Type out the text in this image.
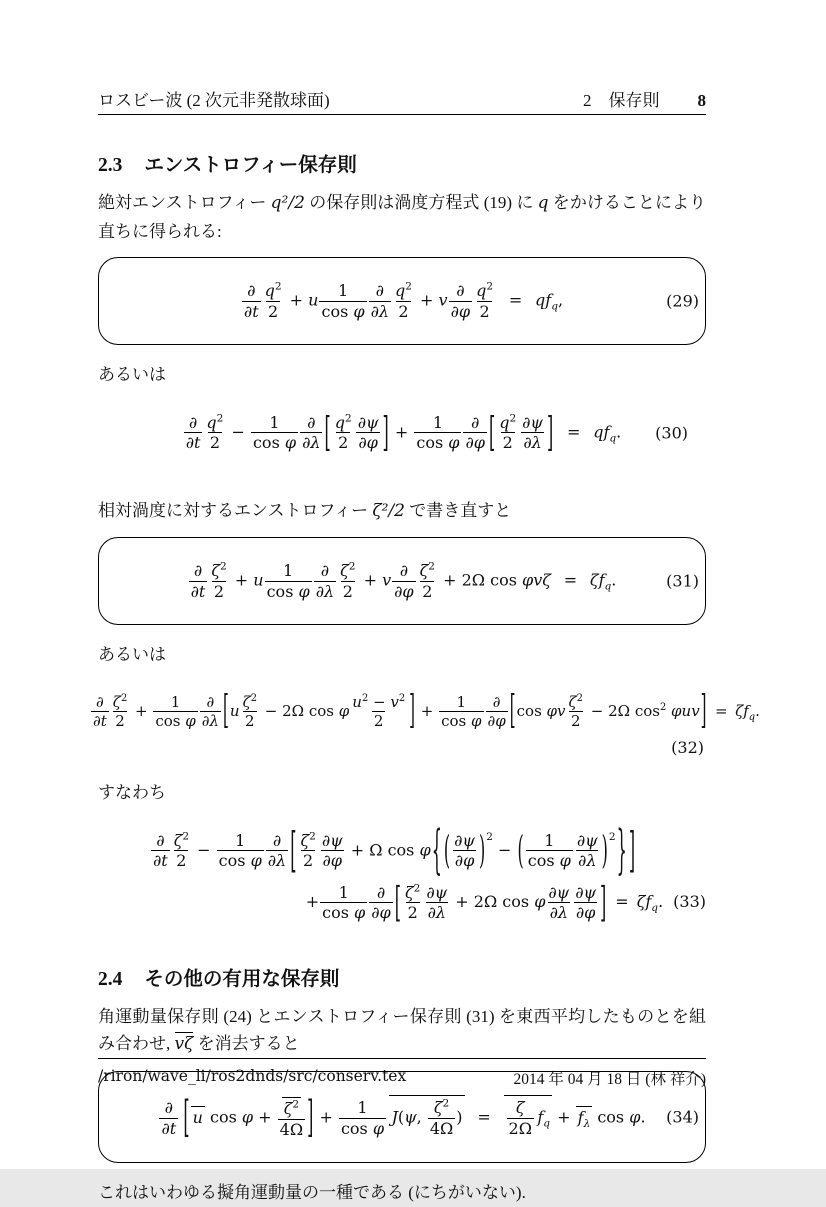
ロスビー波 (2 次元非発散球面)	2　保存則 8
2.3 エンストロフィー保存則

絶対エンストロフィー q²/2 の保存則は渦度方程式 (19) に q をかけることにより直ちに得られる:

$\frac{\partial}{\partial t} \frac{q^2}{2} + u \frac{1}{\text{cos φ}} \frac{\partial}{\partial\lambda} \frac{q^2}{2} + v \frac{\partial}{\partial\varphi} \frac{q^2}{2} = qf_q$,	(29)

あるいは

$\frac{\partial}{\partial t} \frac{q^2}{2} - \frac{1}{\text{cos φ}} \frac{\partial}{\partial\lambda}$ [ $\frac{q^2}{2} \frac{\partial\psi}{\partial\varphi}$ ] + $\frac{1}{\text{cos φ}} \frac{\partial}{\partial\varphi}$ [ $\frac{q^2}{2} \frac{\partial\psi}{\partial\lambda}$ ] = $qf_q$.	(30)

相対渦度に対するエンストロフィー ζ²/2 で書き直すと

$\frac{\partial}{\partial t} \frac{\zeta^2}{2} + u \frac{1}{\text{cos φ}} \frac{\partial}{\partial\lambda} \frac{\zeta^2}{2} + v \frac{\partial}{\partial\varphi} \frac{\zeta^2}{2} + 2\Omega$ $\cos \varphi v\zeta = \zeta f_q$.	(31)

あるいは

$\frac{\partial}{\partial t} \frac{\zeta^2}{2} + \frac{1}{\text{cos φ}} \frac{\partial}{\partial\lambda} [u \frac{\zeta^2}{2} - 2\Omega$ cos φ $\frac{u^2 - v^2}{2}$ ] + $\frac{1}{\text{cos φ}} \frac{\partial}{\partial\varphi} [\cos$ φv $\frac{\zeta^2}{2} - 2\Omega$ $\cos^2 \varphi uv] = \zeta f_q$.
(32)

すなわち

$\frac{\partial}{\partial t} \frac{\zeta^2}{2} - \frac{1}{\text{cos φ}} \frac{\partial}{\partial\lambda}$ [ $\frac{\zeta^2}{2} \frac{\partial\psi}{\partial\varphi} + \Omega$ cos φ{ ( $\frac{\partial\psi}{\partial\varphi} )^2$ − ( $\frac{1}{\text{cos φ}} \frac{\partial\psi}{\partial\lambda} )^2$} ]
+ $\frac{1}{\text{cos φ}} \frac{\partial}{\partial\varphi}$ [ $\frac{\zeta^2}{2} \frac{\partial\psi}{\partial\lambda} + 2\Omega$ cos φ $\frac{\partial\psi}{\partial\lambda} \frac{\partial\psi}{\partial\varphi}$ ] = $\zeta f_q$. (33)
2.4 その他の有用な保存則

角運動量保存則 (24) とエンストロフィー保存則 (31) を東西平均したものとを組み合わせ, vζ を消去すると

$\frac{\partial}{\partial t}$ [ u $\cos \varphi + \frac{\zeta^2}{4\Omega}$ ] + $\frac{1}{\text{cos φ}} J(\psi$, $\frac{\zeta^2}{4\Omega}$ ) = $\frac{\zeta}{2\Omega} f_q + f_\lambda$ cos φ.	(34)

これはいわゆる擬角運動量の一種である (にちがいない).

/riron/wave_li/ros2dnds/src/conserv.tex	2014 年 04 月 18 日 (林 祥介)
